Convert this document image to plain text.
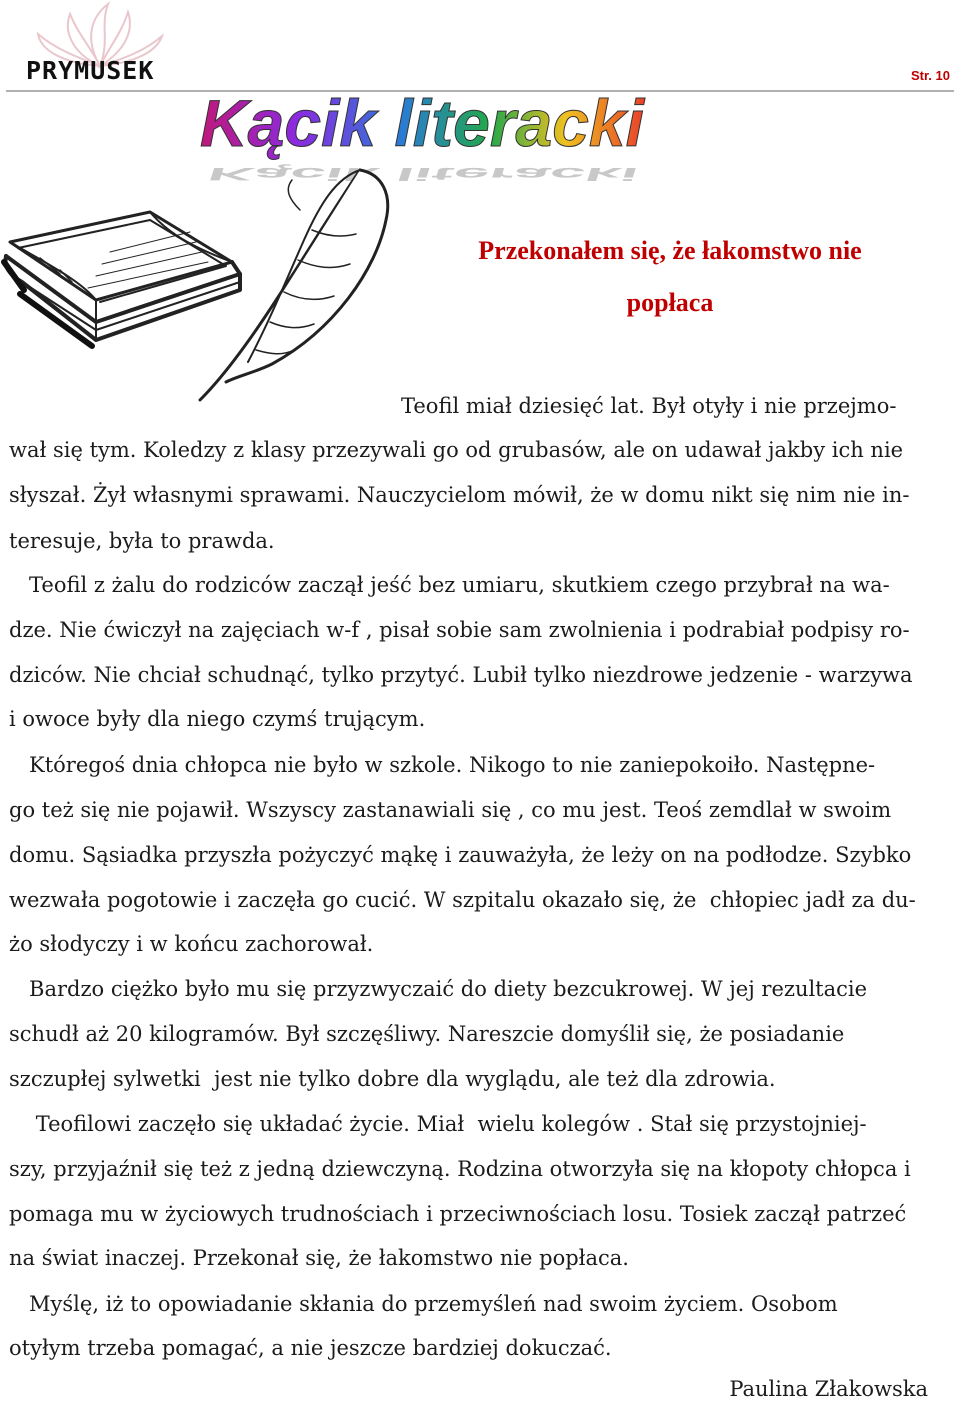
PRYMUSEK	Str. 10
Kącik literacki
Kącik literacki
Przekonałem się, że łakomstwo nie
popłaca
Teofil miał dziesięć lat. Był otyły i nie przejmo-
wał się tym. Koledzy z klasy przezywali go od grubasów, ale on udawał jakby ich nie
słyszał. Żył własnymi sprawami. Nauczycielom mówił, że w domu nikt się nim nie in-
teresuje, była to prawda.
Teofil z żalu do rodziców zaczął jeść bez umiaru, skutkiem czego przybrał na wa-
dze. Nie ćwiczył na zajęciach w-f , pisał sobie sam zwolnienia i podrabiał podpisy ro-
dziców. Nie chciał schudnąć, tylko przytyć. Lubił tylko niezdrowe jedzenie - warzywa
i owoce były dla niego czymś trującym.
Któregoś dnia chłopca nie było w szkole. Nikogo to nie zaniepokoiło. Następne-
go też się nie pojawił. Wszyscy zastanawiali się , co mu jest. Teoś zemdlał w swoim
domu. Sąsiadka przyszła pożyczyć mąkę i zauważyła, że leży on na podłodze. Szybko
wezwała pogotowie i zaczęła go cucić. W szpitalu okazało się, że  chłopiec jadł za du-
żo słodyczy i w końcu zachorował.
Bardzo ciężko było mu się przyzwyczaić do diety bezcukrowej. W jej rezultacie
schudł aż 20 kilogramów. Był szczęśliwy. Nareszcie domyślił się, że posiadanie
szczupłej sylwetki  jest nie tylko dobre dla wyglądu, ale też dla zdrowia.
Teofilowi zaczęło się układać życie. Miał  wielu kolegów . Stał się przystojniej-
szy, przyjaźnił się też z jedną dziewczyną. Rodzina otworzyła się na kłopoty chłopca i
pomaga mu w życiowych trudnościach i przeciwnościach losu. Tosiek zaczął patrzeć
na świat inaczej. Przekonał się, że łakomstwo nie popłaca.
Myślę, iż to opowiadanie skłania do przemyśleń nad swoim życiem. Osobom
otyłym trzeba pomagać, a nie jeszcze bardziej dokuczać.
Paulina Złakowska
